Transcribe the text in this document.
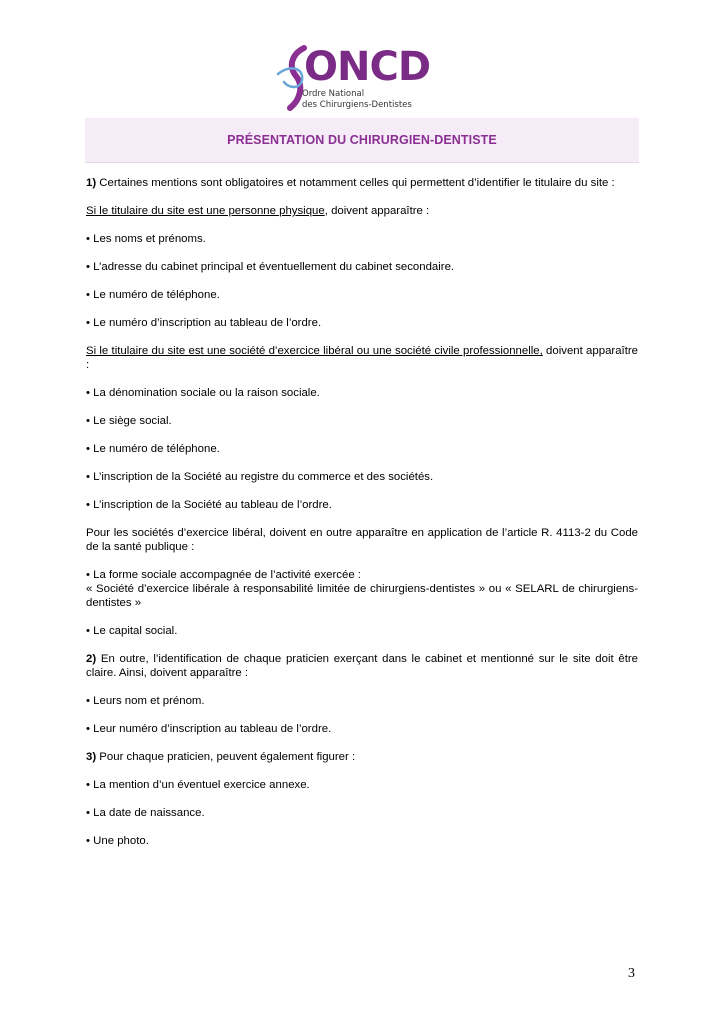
ONCD
Ordre National
des Chirurgiens-Dentistes
PRÉSENTATION DU CHIRURGIEN-DENTISTE

1) Certaines mentions sont obligatoires et notamment celles qui permettent d’identifier le titulaire du site :

Si le titulaire du site est une personne physique, doivent apparaître :

• Les noms et prénoms.

• L’adresse du cabinet principal et éventuellement du cabinet secondaire.

• Le numéro de téléphone.

• Le numéro d’inscription au tableau de l’ordre.

Si le titulaire du site est une société d’exercice libéral ou une société civile professionnelle, doivent apparaître :

• La dénomination sociale ou la raison sociale.

• Le siège social.

• Le numéro de téléphone.

• L’inscription de la Société au registre du commerce et des sociétés.

• L’inscription de la Société au tableau de l’ordre.

Pour les sociétés d’exercice libéral, doivent en outre apparaître en application de l’article R. 4113-2 du Code de la santé publique :

• La forme sociale accompagnée de l’activité exercée :
« Société d’exercice libérale à responsabilité limitée de chirurgiens-dentistes » ou « SELARL de chirurgiens-dentistes »

• Le capital social.

2) En outre, l’identification de chaque praticien exerçant dans le cabinet et mentionné sur le site doit être claire. Ainsi, doivent apparaître :

• Leurs nom et prénom.

• Leur numéro d’inscription au tableau de l’ordre.

3) Pour chaque praticien, peuvent également figurer :

• La mention d’un éventuel exercice annexe.

• La date de naissance.

• Une photo.

3
